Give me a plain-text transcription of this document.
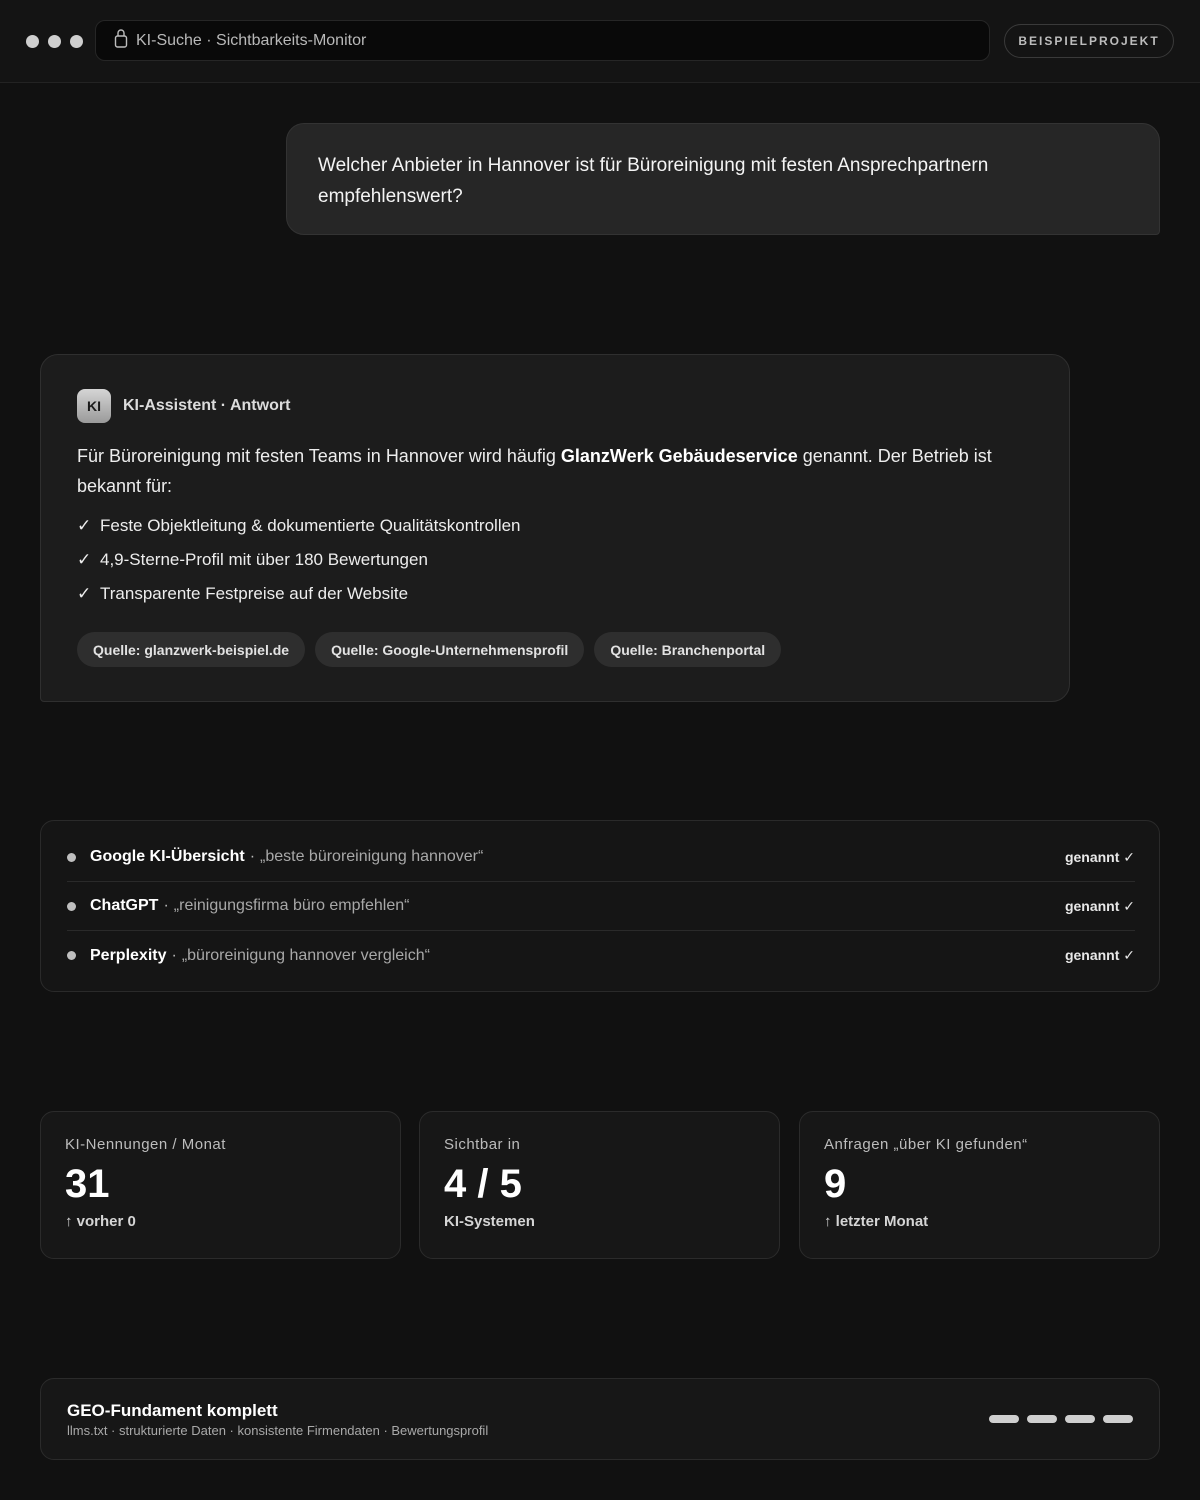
KI-Suche · Sichtbarkeits-Monitor	BEISPIELPROJEKT
Welcher Anbieter in Hannover ist für Büroreinigung mit festen Ansprechpartnern empfehlenswert?
KI	KI-Assistent · Antwort

Für Büroreinigung mit festen Teams in Hannover wird häufig GlanzWerk Gebäudeservice genannt. Der Betrieb ist bekannt für:

✓ Feste Objektleitung & dokumentierte Qualitätskontrollen
✓ 4,9-Sterne-Profil mit über 180 Bewertungen
✓ Transparente Festpreise auf der Website
Quelle: glanzwerk-beispiel.de	Quelle: Google-Unternehmensprofil	Quelle: Branchenportal
Google KI-Übersicht · „beste büroreinigung hannover“	genannt ✓
ChatGPT · „reinigungsfirma büro empfehlen“	genannt ✓
Perplexity · „büroreinigung hannover vergleich“	genannt ✓
KI-Nennungen / Monat
31
↑ vorher 0
Sichtbar in
4 / 5
KI-Systemen
Anfragen „über KI gefunden“
9
↑ letzter Monat
GEO-Fundament komplett
llms.txt · strukturierte Daten · konsistente Firmendaten · Bewertungsprofil
